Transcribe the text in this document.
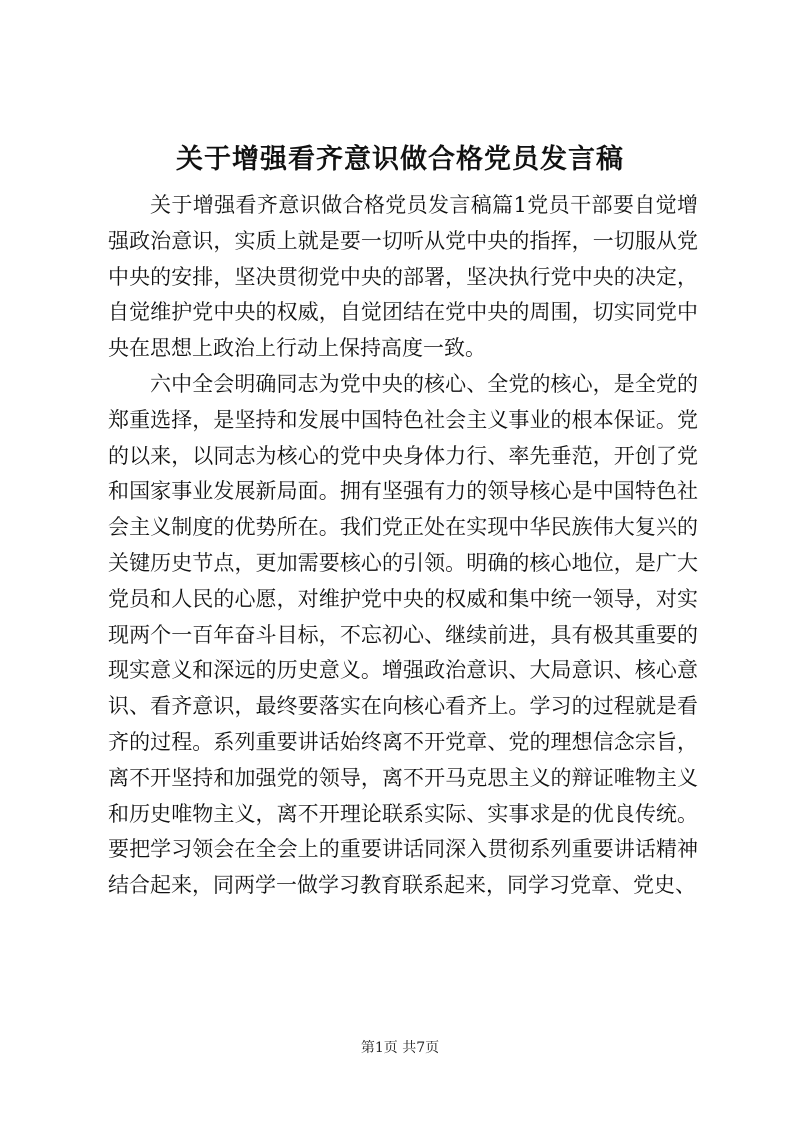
关于增强看齐意识做合格党员发言稿

关于增强看齐意识做合格党员发言稿篇1党员干部要自觉增强政治意识，实质上就是要一切听从党中央的指挥，一切服从党中央的安排，坚决贯彻党中央的部署，坚决执行党中央的决定，自觉维护党中央的权威，自觉团结在党中央的周围，切实同党中央在思想上政治上行动上保持高度一致。

六中全会明确同志为党中央的核心、全党的核心，是全党的郑重选择，是坚持和发展中国特色社会主义事业的根本保证。党的以来，以同志为核心的党中央身体力行、率先垂范，开创了党和国家事业发展新局面。拥有坚强有力的领导核心是中国特色社会主义制度的优势所在。我们党正处在实现中华民族伟大复兴的关键历史节点，更加需要核心的引领。明确的核心地位，是广大党员和人民的心愿，对维护党中央的权威和集中统一领导，对实现两个一百年奋斗目标，不忘初心、继续前进，具有极其重要的现实意义和深远的历史意义。增强政治意识、大局意识、核心意识、看齐意识，最终要落实在向核心看齐上。学习的过程就是看齐的过程。系列重要讲话始终离不开党章、党的理想信念宗旨，离不开坚持和加强党的领导，离不开马克思主义的辩证唯物主义和历史唯物主义，离不开理论联系实际、实事求是的优良传统。要把学习领会在全会上的重要讲话同深入贯彻系列重要讲话精神结合起来，同两学一做学习教育联系起来，同学习党章、党史、

第1页 共7页
